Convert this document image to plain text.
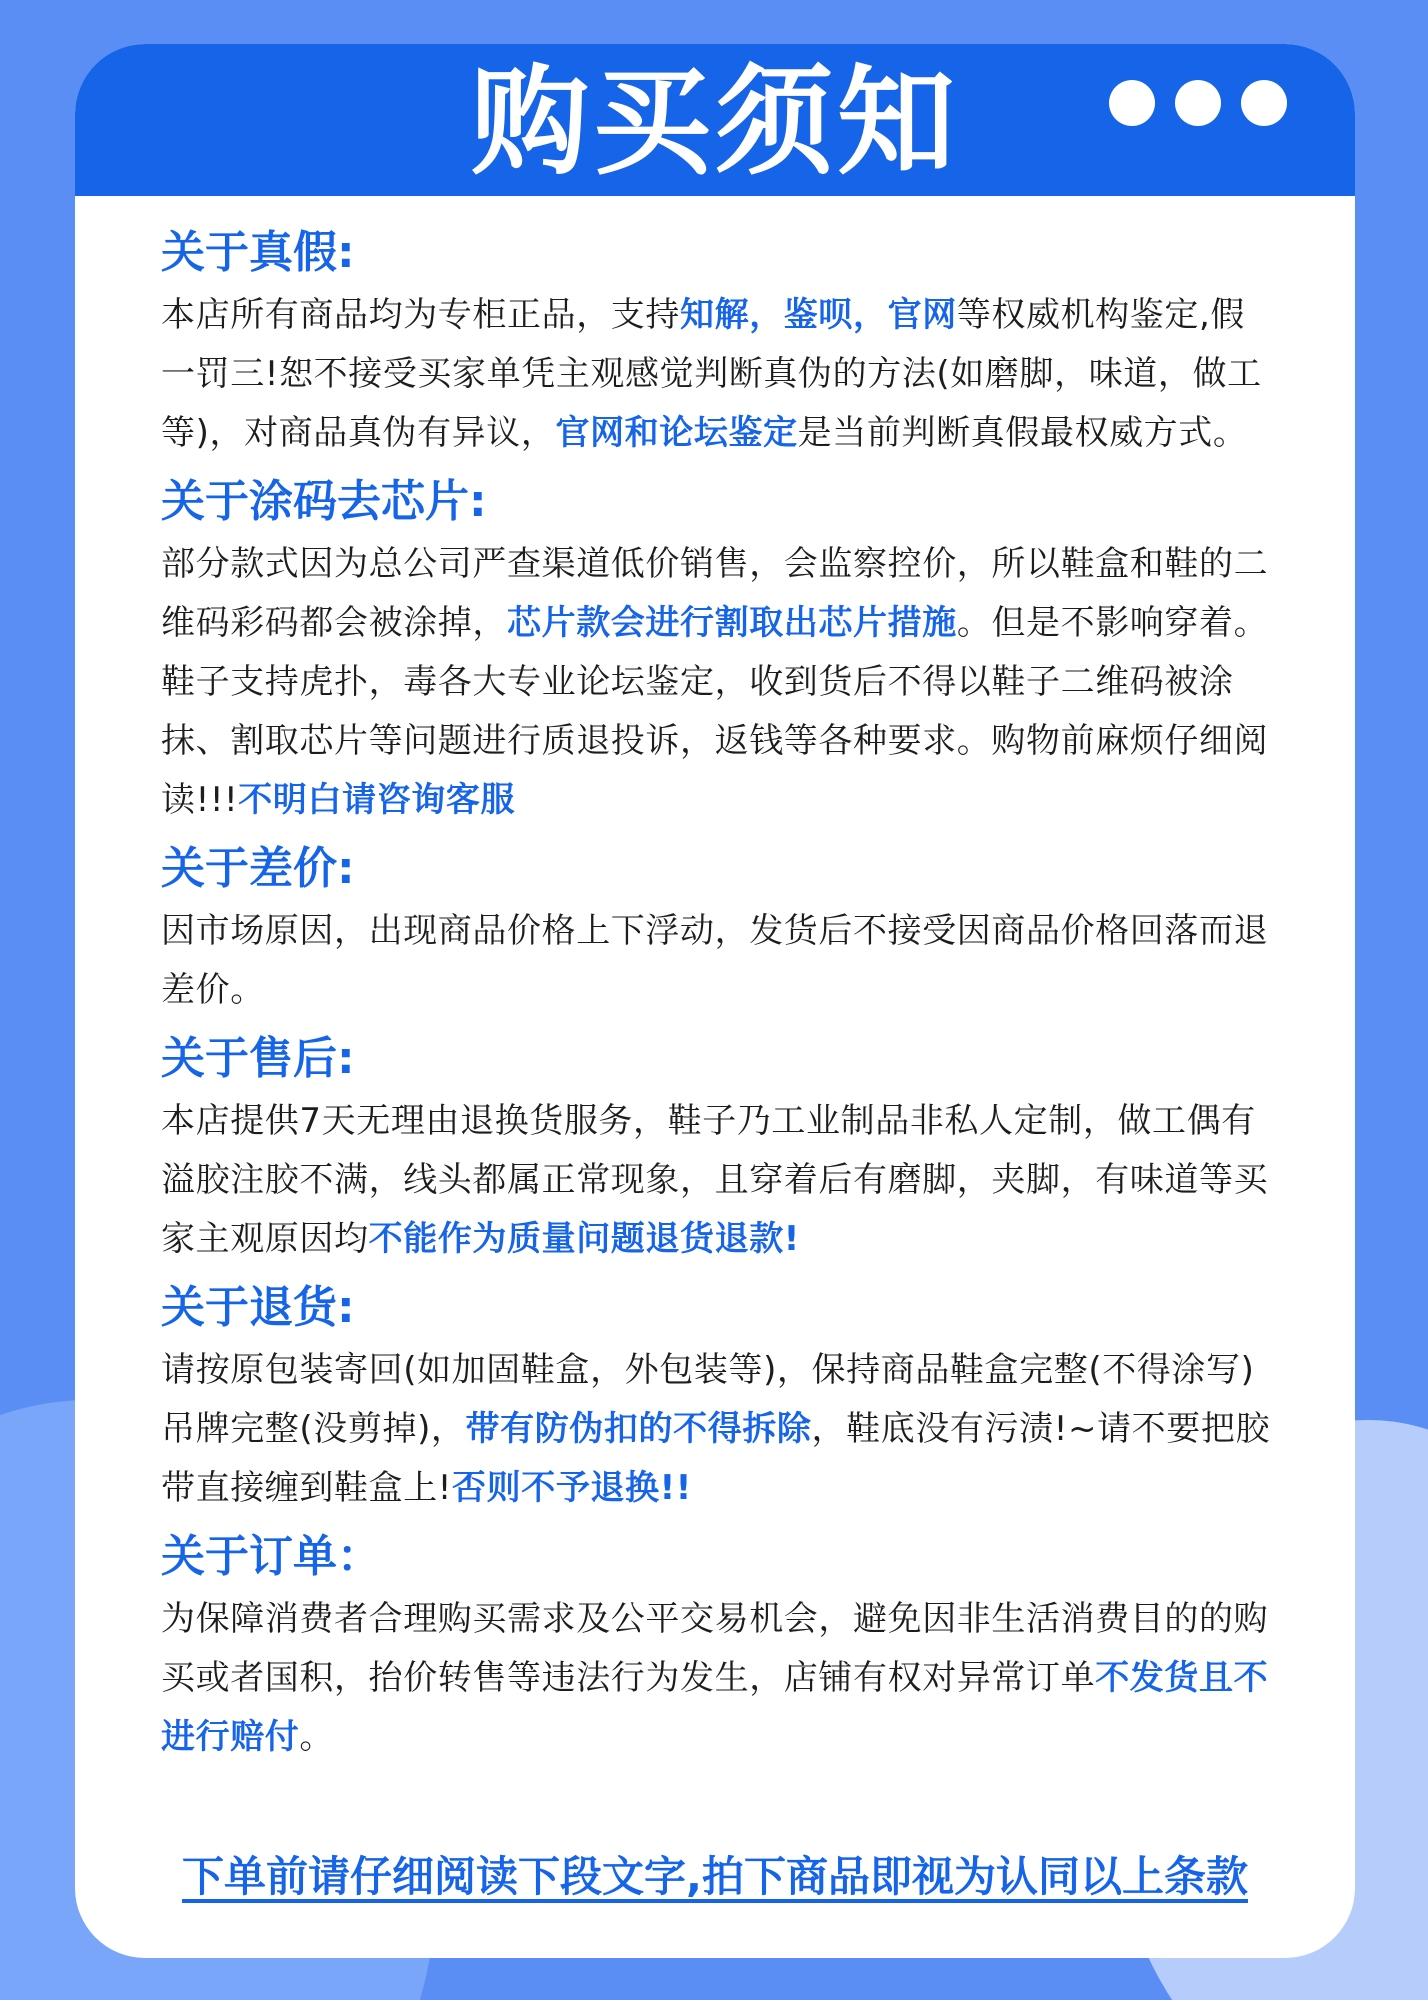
购买须知
关于真假:
本店所有商品均为专柜正品，支持知解，鉴呗，官网等权威机构鉴定,假一罚三!恕不接受买家单凭主观感觉判断真伪的方法(如磨脚，味道，做工等)，对商品真伪有异议，官网和论坛鉴定是当前判断真假最权威方式。
关于涂码去芯片:
部分款式因为总公司严查渠道低价销售，会监察控价，所以鞋盒和鞋的二维码彩码都会被涂掉，芯片款会进行割取出芯片措施。但是不影响穿着。鞋子支持虎扑，毒各大专业论坛鉴定，收到货后不得以鞋子二维码被涂抹、割取芯片等问题进行质退投诉，返钱等各种要求。购物前麻烦仔细阅读!!!不明白请咨询客服
关于差价:
因市场原因，出现商品价格上下浮动，发货后不接受因商品价格回落而退差价。
关于售后:
本店提供7天无理由退换货服务，鞋子乃工业制品非私人定制，做工偶有溢胶注胶不满，线头都属正常现象，且穿着后有磨脚，夹脚，有味道等买家主观原因均不能作为质量问题退货退款!
关于退货:
请按原包装寄回(如加固鞋盒，外包装等)，保持商品鞋盒完整(不得涂写)吊牌完整(没剪掉)，带有防伪扣的不得拆除，鞋底没有污渍!~请不要把胶带直接缠到鞋盒上!否则不予退换!!
关于订单：
为保障消费者合理购买需求及公平交易机会，避免因非生活消费目的的购买或者国积，抬价转售等违法行为发生，店铺有权对异常订单不发货且不进行赔付。
下单前请仔细阅读下段文字,拍下商品即视为认同以上条款
